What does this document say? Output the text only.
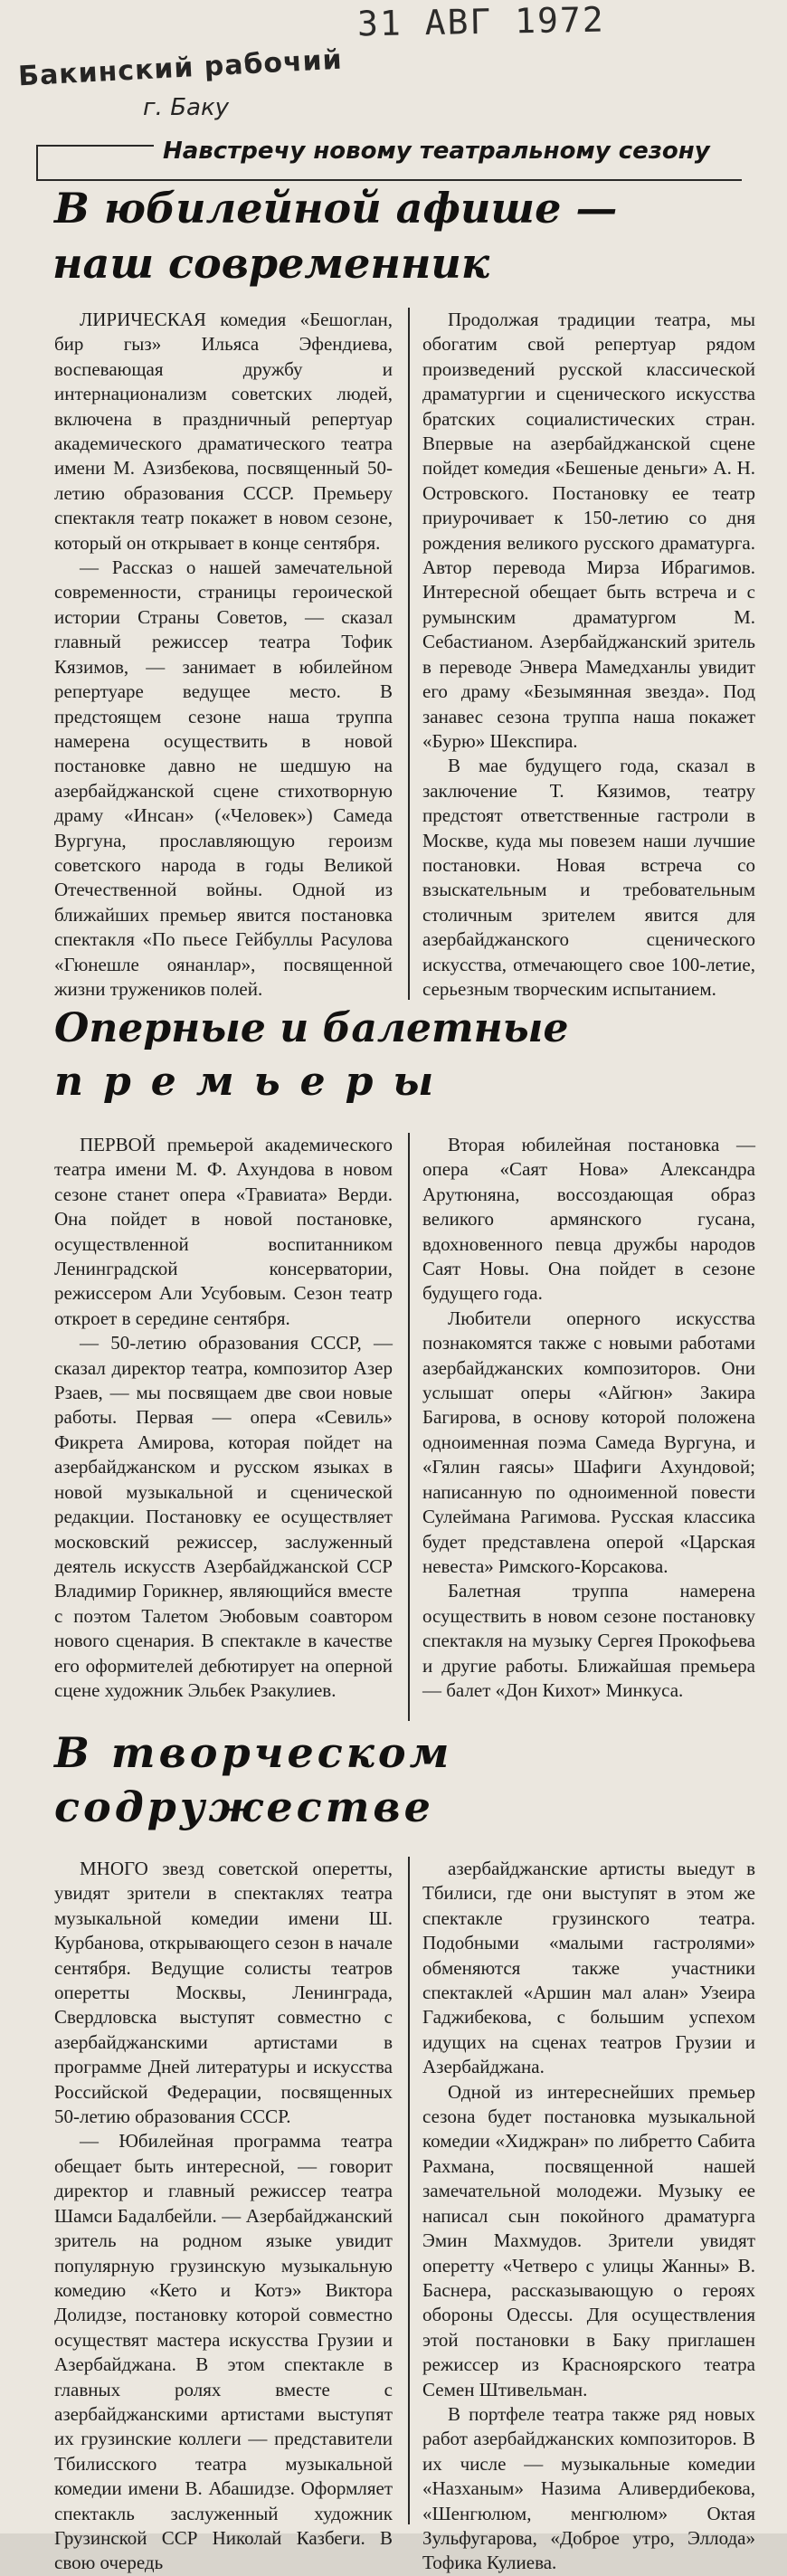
31 АВГ 1972
Бакинский рабочий
г. Баку
Навстречу новому театральному сезону
В юбилейной афише —
наш современник

ЛИРИЧЕСКАЯ комедия «Бешоглан, бир гыз» Ильяса Эфендиева, воспевающая дружбу и интернационализм советских людей, включена в праздничный репертуар академического драматического театра имени М. Азизбекова, посвященный 50-летию образования СССР. Премьеру спектакля театр покажет в новом сезоне, который он открывает в конце сентября.

— Рассказ о нашей замечательной современности, страницы героической истории Страны Советов, — сказал главный режиссер театра Тофик Кязимов, — занимает в юбилейном репертуаре ведущее место. В предстоящем сезоне наша труппа намерена осуществить в новой постановке давно не шедшую на азербайджанской сцене стихотворную драму «Инсан» («Человек») Самеда Вургуна, прославляющую героизм советского народа в годы Великой Отечественной войны. Одной из ближайших премьер явится постановка спектакля «По пьесе Гейбуллы Расулова «Гюнешле оянанлар», посвященной жизни тружеников полей.

Продолжая традиции театра, мы обогатим свой репертуар рядом произведений русской классической драматургии и сценического искусства братских социалистических стран. Впервые на азербайджанской сцене пойдет комедия «Бешеные деньги» А. Н. Островского. Постановку ее театр приурочивает к 150-летию со дня рождения великого русского драматурга. Автор перевода Мирза Ибрагимов. Интересной обещает быть встреча и с румынским драматургом М. Себастианом. Азербайджанский зритель в переводе Энвера Мамедханлы увидит его драму «Безымянная звезда». Под занавес сезона труппа наша покажет «Бурю» Шекспира.

В мае будущего года, сказал в заключение Т. Кязимов, театру предстоят ответственные гастроли в Москве, куда мы повезем наши лучшие постановки. Новая встреча со взыскательным и требовательным столичным зрителем явится для азербайджанского сценического искусства, отмечающего свое 100-летие, серьезным творческим испытанием.

Оперные и балетные
премьеры

ПЕРВОЙ премьерой академического театра имени М. Ф. Ахундова в новом сезоне станет опера «Травиата» Верди. Она пойдет в новой постановке, осуществленной воспитанником Ленинградской консерватории, режиссером Али Усубовым. Сезон театр откроет в середине сентября.

— 50-летию образования СССР, — сказал директор театра, композитор Азер Рзаев, — мы посвящаем две свои новые работы. Первая — опера «Севиль» Фикрета Амирова, которая пойдет на азербайджанском и русском языках в новой музыкальной и сценической редакции. Постановку ее осуществляет московский режиссер, заслуженный деятель искусств Азербайджанской ССР Владимир Горикнер, являющийся вместе с поэтом Талетом Эюбовым соавтором нового сценария. В спектакле в качестве его оформителей дебютирует на оперной сцене художник Эльбек Рзакулиев.

Вторая юбилейная постановка — опера «Саят Нова» Александра Арутюняна, воссоздающая образ великого армянского гусана, вдохновенного певца дружбы народов Саят Новы. Она пойдет в сезоне будущего года.

Любители оперного искусства познакомятся также с новыми работами азербайджанских композиторов. Они услышат оперы «Айгюн» Закира Багирова, в основу которой положена одноименная поэма Самеда Вургуна, и «Гялин гаясы» Шафиги Ахундовой; написанную по одноименной повести Сулеймана Рагимова. Русская классика будет представлена оперой «Царская невеста» Римского-Корсакова.

Балетная труппа намерена осуществить в новом сезоне постановку спектакля на музыку Сергея Прокофьева и другие работы. Ближайшая премьера — балет «Дон Кихот» Минкуса.

В творческом
содружестве

МНОГО звезд советской оперетты, увидят зрители в спектаклях театра музыкальной комедии имени Ш. Курбанова, открывающего сезон в начале сентября. Ведущие солисты театров оперетты Москвы, Ленинграда, Свердловска выступят совместно с азербайджанскими артистами в программе Дней литературы и искусства Российской Федерации, посвященных 50-летию образования СССР.

— Юбилейная программа театра обещает быть интересной, — говорит директор и главный режиссер театра Шамси Бадалбейли. — Азербайджанский зритель на родном языке увидит популярную грузинскую музыкальную комедию «Кето и Котэ» Виктора Долидзе, постановку которой совместно осуществят мастера искусства Грузии и Азербайджана. В этом спектакле в главных ролях вместе с азербайджанскими артистами выступят их грузинские коллеги — представители Тбилисского театра музыкальной комедии имени В. Абашидзе. Оформляет спектакль заслуженный художник Грузинской ССР Николай Казбеги. В свою очередь

азербайджанские артисты выедут в Тбилиси, где они выступят в этом же спектакле грузинского театра. Подобными «малыми гастролями» обменяются также участники спектаклей «Аршин мал алан» Узеира Гаджибекова, с большим успехом идущих на сценах театров Грузии и Азербайджана.

Одной из интереснейших премьер сезона будет постановка музыкальной комедии «Хиджран» по либретто Сабита Рахмана, посвященной нашей замечательной молодежи. Музыку ее написал сын покойного драматурга Эмин Махмудов. Зрители увидят оперетту «Четверо с улицы Жанны» В. Баснера, рассказывающую о героях обороны Одессы. Для осуществления этой постановки в Баку приглашен режиссер из Красноярского театра Семен Штивельман.

В портфеле театра также ряд новых работ азербайджанских композиторов. В их числе — музыкальные комедии «Назханым» Назима Аливердибекова, «Шенгюлюм, менгюлюм» Октая Зульфугарова, «Доброе утро, Эллода» Тофика Кулиева.
